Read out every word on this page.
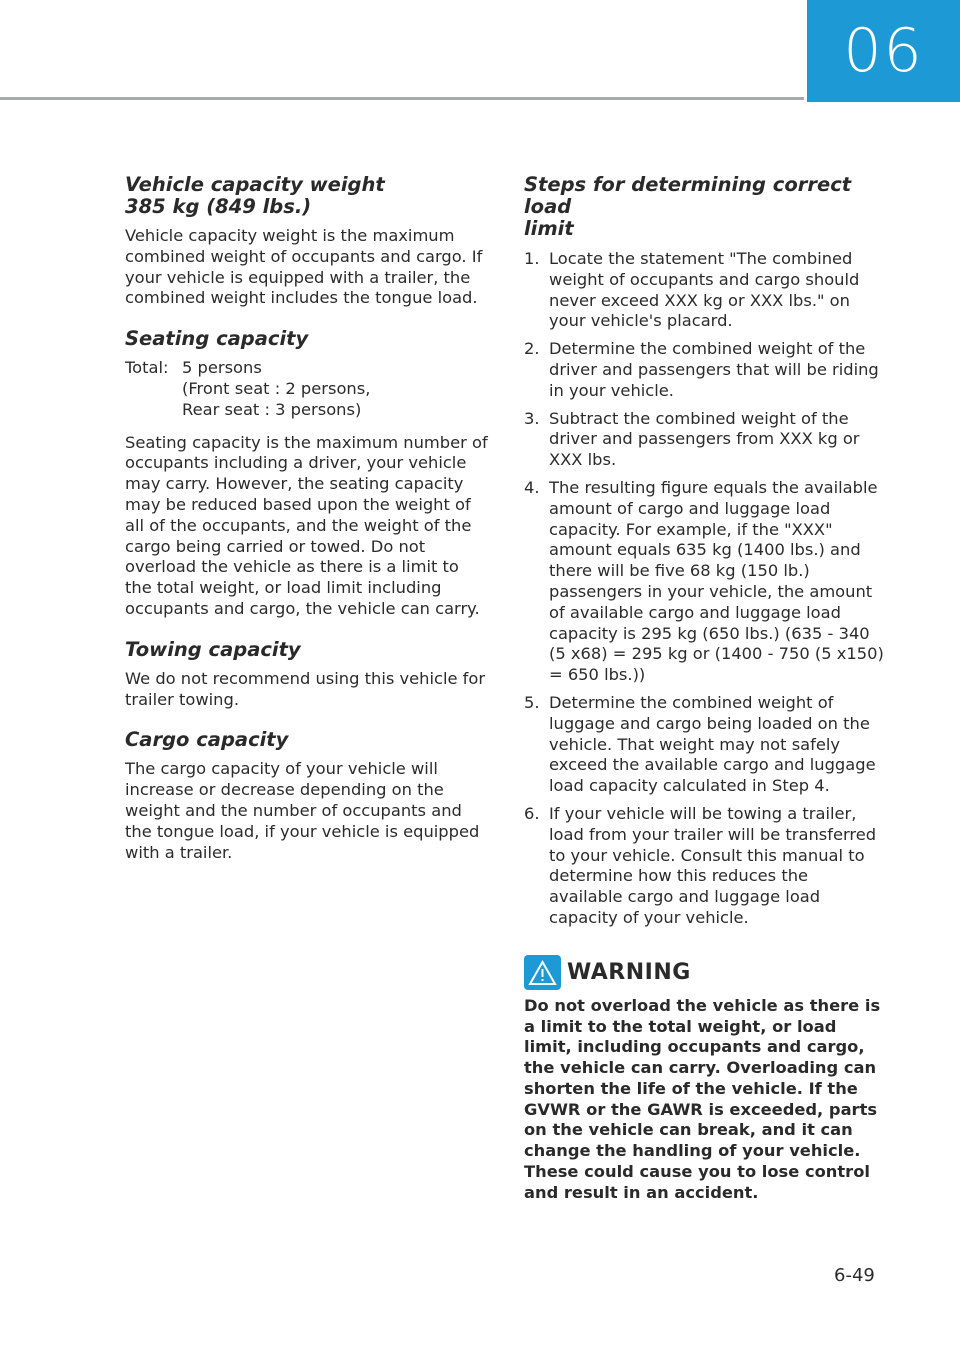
06
Vehicle capacity weight
385 kg (849 lbs.)

Vehicle capacity weight is the maximum combined weight of occupants and cargo. If your vehicle is equipped with a trailer, the combined weight includes the tongue load.

Seating capacity
Total: 5 persons
(Front seat : 2 persons,
Rear seat : 3 persons)

Seating capacity is the maximum number of occupants including a driver, your vehicle may carry. However, the seating capacity may be reduced based upon the weight of all of the occupants, and the weight of the cargo being carried or towed. Do not overload the vehicle as there is a limit to the total weight, or load limit including occupants and cargo, the vehicle can carry.

Towing capacity

We do not recommend using this vehicle for trailer towing.

Cargo capacity

The cargo capacity of your vehicle will increase or decrease depending on the weight and the number of occupants and the tongue load, if your vehicle is equipped with a trailer.

Steps for determining correct load
limit
1. Locate the statement "The combined weight of occupants and cargo should never exceed XXX kg or XXX lbs." on your vehicle's placard.
2. Determine the combined weight of the driver and passengers that will be riding in your vehicle.
3. Subtract the combined weight of the driver and passengers from XXX kg or XXX lbs.
4. The resulting figure equals the available amount of cargo and luggage load capacity. For example, if the "XXX" amount equals 635 kg (1400 lbs.) and there will be five 68 kg (150 lb.) passengers in your vehicle, the amount of available cargo and luggage load capacity is 295 kg (650 lbs.) (635 - 340 (5 x68) = 295 kg or (1400 - 750 (5 x150) = 650 lbs.))
5. Determine the combined weight of luggage and cargo being loaded on the vehicle. That weight may not safely exceed the available cargo and luggage load capacity calculated in Step 4.
6. If your vehicle will be towing a trailer, load from your trailer will be transferred to your vehicle. Consult this manual to determine how this reduces the available cargo and luggage load capacity of your vehicle.
WARNING

Do not overload the vehicle as there is a limit to the total weight, or load limit, including occupants and cargo, the vehicle can carry. Overloading can shorten the life of the vehicle. If the GVWR or the GAWR is exceeded, parts on the vehicle can break, and it can change the handling of your vehicle. These could cause you to lose control and result in an accident.

6-49
